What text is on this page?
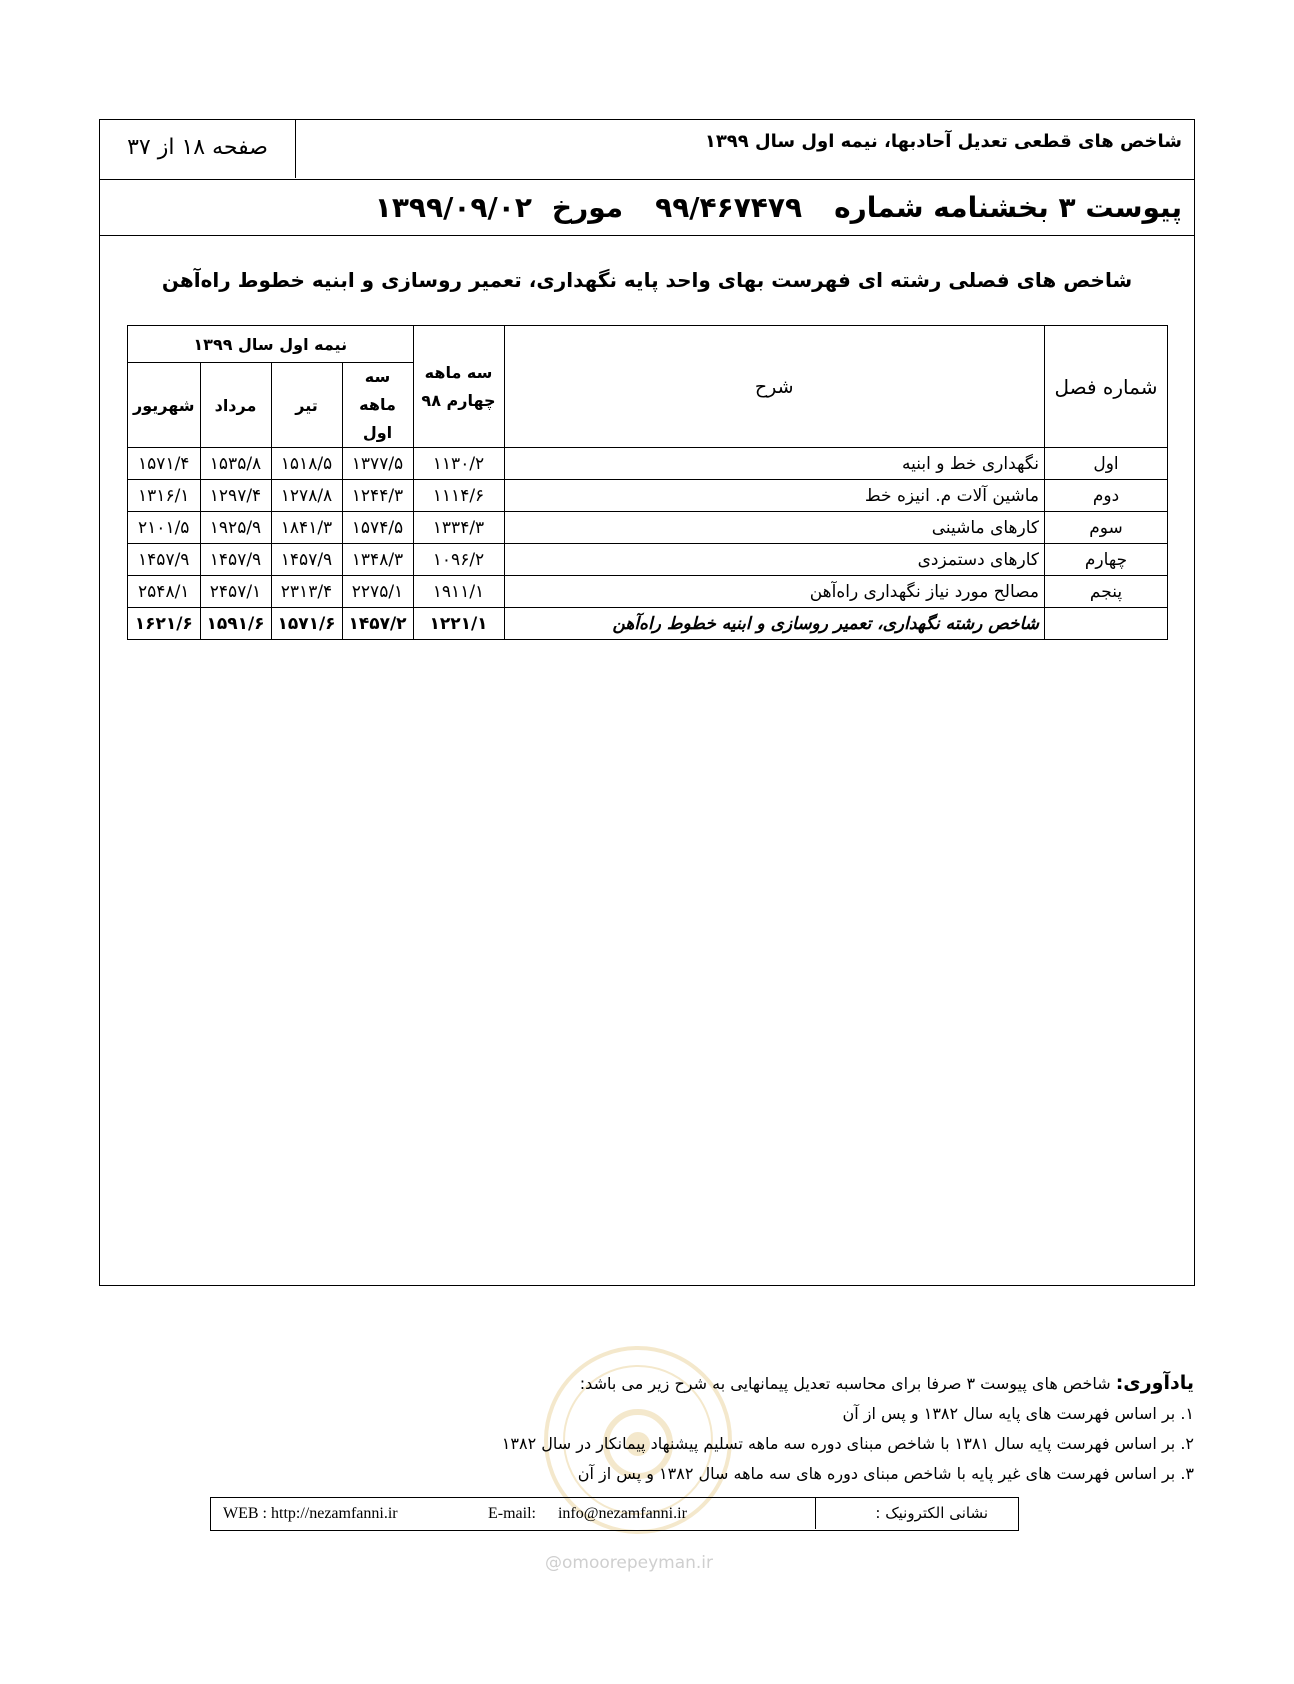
شاخص های قطعی تعدیل آحادبها، نیمه اول سال ۱۳۹۹
صفحه ۱۸ از ۳۷
پیوست ۳ بخشنامه شماره۹۹/۴۶۷۴۷۹مورخ۱۳۹۹/۰۹/۰۲
شاخص های فصلی رشته ای فهرست بهای واحد پایه نگهداری، تعمیر روسازی و ابنیه خطوط راه‌آهن
شماره فصل	شرح	سه ماهه چهارم ۹۸	نیمه اول سال ۱۳۹۹			
			سه ماهه اول	تیر	مرداد	شهریور
اول	نگهداری خط و ابنیه	۱۱۳۰/۲	۱۳۷۷/۵	۱۵۱۸/۵	۱۵۳۵/۸	۱۵۷۱/۴
دوم	ماشین آلات م. انیزه خط	۱۱۱۴/۶	۱۲۴۴/۳	۱۲۷۸/۸	۱۲۹۷/۴	۱۳۱۶/۱
سوم	کارهای ماشینی	۱۳۳۴/۳	۱۵۷۴/۵	۱۸۴۱/۳	۱۹۲۵/۹	۲۱۰۱/۵
چهارم	کارهای دستمزدی	۱۰۹۶/۲	۱۳۴۸/۳	۱۴۵۷/۹	۱۴۵۷/۹	۱۴۵۷/۹
پنجم	مصالح مورد نیاز نگهداری راه‌آهن	۱۹۱۱/۱	۲۲۷۵/۱	۲۳۱۳/۴	۲۴۵۷/۱	۲۵۴۸/۱
	شاخص رشته نگهداری، تعمیر روسازی و ابنیه خطوط راه‌آهن	۱۲۲۱/۱	۱۴۵۷/۲	۱۵۷۱/۶	۱۵۹۱/۶	۱۶۲۱/۶
یادآوری: شاخص های پیوست ۳ صرفا برای محاسبه تعدیل پیمانهایی به شرح زیر می باشد:
۱. بر اساس فهرست های پایه سال ۱۳۸۲ و پس از آن
۲. بر اساس فهرست پایه سال ۱۳۸۱ با شاخص مبنای دوره سه ماهه تسلیم پیشنهاد پیمانکار در سال ۱۳۸۲
۳. بر اساس فهرست های غیر پایه با شاخص مبنای دوره های سه ماهه سال ۱۳۸۲ و پس از آن
WEB : http://nezamfanni.ir	E-mail: info@nezamfanni.ir	نشانی الکترونیک :
@omoorepeyman.ir
